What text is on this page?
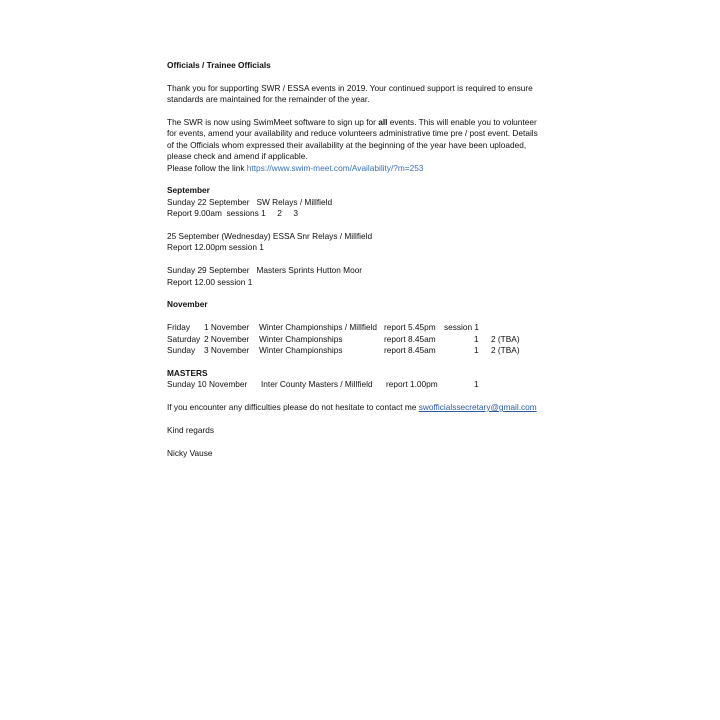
Officials / Trainee Officials

Thank you for supporting SWR / ESSA events in 2019. Your continued support is required to ensure

standards are maintained for the remainder of the year.

The SWR is now using SwimMeet software to sign up for all events. This will enable you to volunteer

for events, amend your availability and reduce volunteers administrative time pre / post event. Details

of the Officials whom expressed their availability at the beginning of the year have been uploaded,

please check and amend if applicable.

Please follow the link https://www.swim-meet.com/Availability/?m=253

September

Sunday 22 September   SW Relays / Millfield

Report 9.00am  sessions 1     2     3

25 September (Wednesday) ESSA Snr Relays / Millfield

Report 12.00pm session 1

Sunday 29 September   Masters Sprints Hutton Moor

Report 12.00 session 1

November

Friday 1 November Winter Championships / Millfield report 5.45pm session 1
Saturday 2 November Winter Championships	report 8.45am	1 2 (TBA)
Sunday 3 November Winter Championships	report 8.45am	1 2 (TBA)

MASTERS

Sunday 10 November Inter County Masters / Millfield report 1.00pm	1

If you encounter any difficulties please do not hesitate to contact me swofficialssecretary@gmail.com

Kind regards

Nicky Vause
